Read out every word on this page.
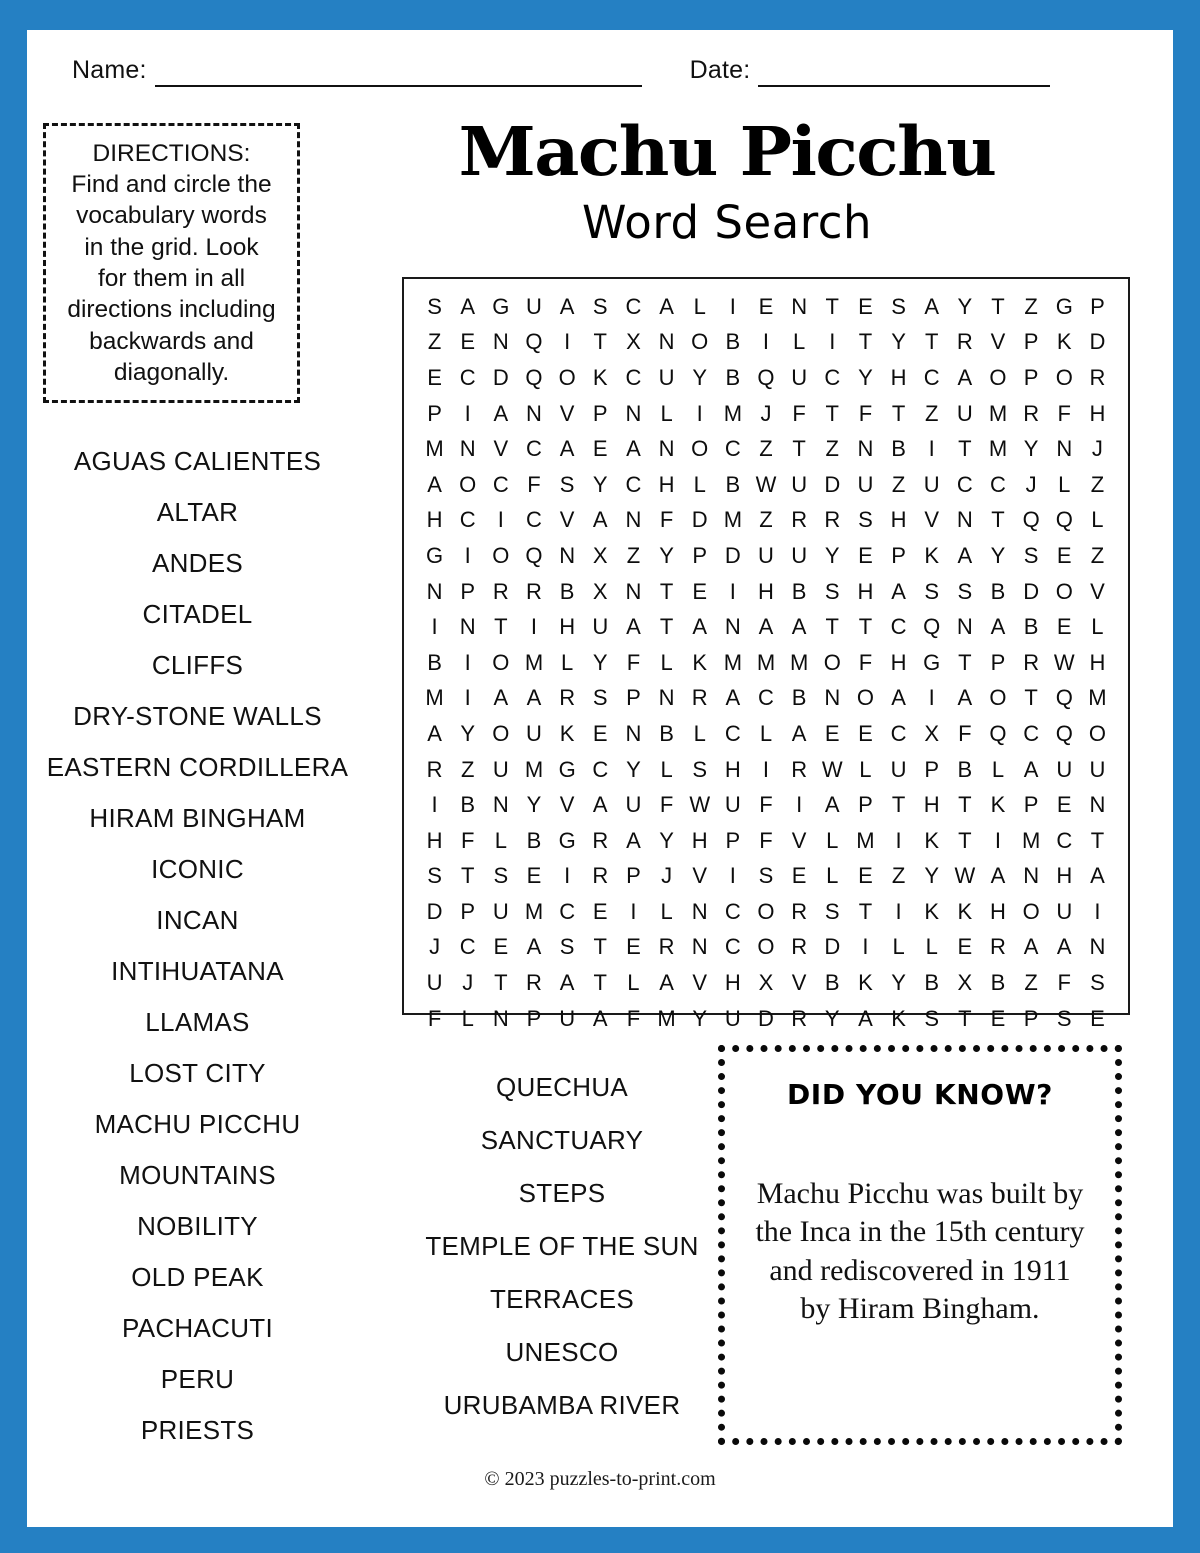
Name:	Date:
DIRECTIONS:
Find and circle the
vocabulary words
in the grid. Look
for them in all
directions including
backwards and
diagonally.
Machu Picchu
Word Search
S A G U A S C A L	I	E N T E S A Y T Z G P
Z E N Q I	T X N O B	I	L	I	T Y T R V P K D
E C D Q O K C U Y B Q U C Y H C A O P O R
P	I	A N V P N L	I M J F T F T Z U M R F H
M N V C A E A N O C Z T Z N B	I	T M Y N J
A O C F S Y C H L B W U D U Z U C C J L Z
H C	I	C V A N F D M Z R R S H V N T Q Q L
G I O Q N X Z Y P D U U Y E P K A Y S E Z
N P R R B X N T E	I	H B S H A S S B D O V
I	N T	I	H U A T A N A A T T C Q N A B E L
B	I O M L Y F L K M M M O F H G T P R W H
M I	A A R S P N R A C B N O A	I	A O T Q M
A Y O U K E N B L C L A E E C X F Q C Q O
R Z U M G C Y L S H	I	R W L U P B L A U U
I	B N Y V A U F W U F	I	A P T H T K P E N
H F L B G R A Y H P F V L M I	K T	I M C T
S T S E	I	R P J V	I	S E L E Z Y W A N H A
D P U M C E	I	L N C O R S T	I	K K H O U	I
J C E A S T E R N C O R D	I	L L E R A A N
U J T R A T L A V H X V B K Y B X B Z F S
F L N P U A F M Y U D R Y A K S T E P S E
AGUAS CALIENTES
ALTAR
ANDES
CITADEL
CLIFFS
DRY-STONE WALLS
EASTERN CORDILLERA
HIRAM BINGHAM
ICONIC
INCAN
INTIHUATANA
LLAMAS
LOST CITY
MACHU PICCHU
MOUNTAINS
NOBILITY
OLD PEAK
PACHACUTI
PERU
PRIESTS
QUECHUA
SANCTUARY
STEPS
TEMPLE OF THE SUN
TERRACES
UNESCO
URUBAMBA RIVER
DID YOU KNOW?
Machu Picchu was built by the Inca in the 15th century and rediscovered in 1911 by Hiram Bingham.
© 2023 puzzles-to-print.com
